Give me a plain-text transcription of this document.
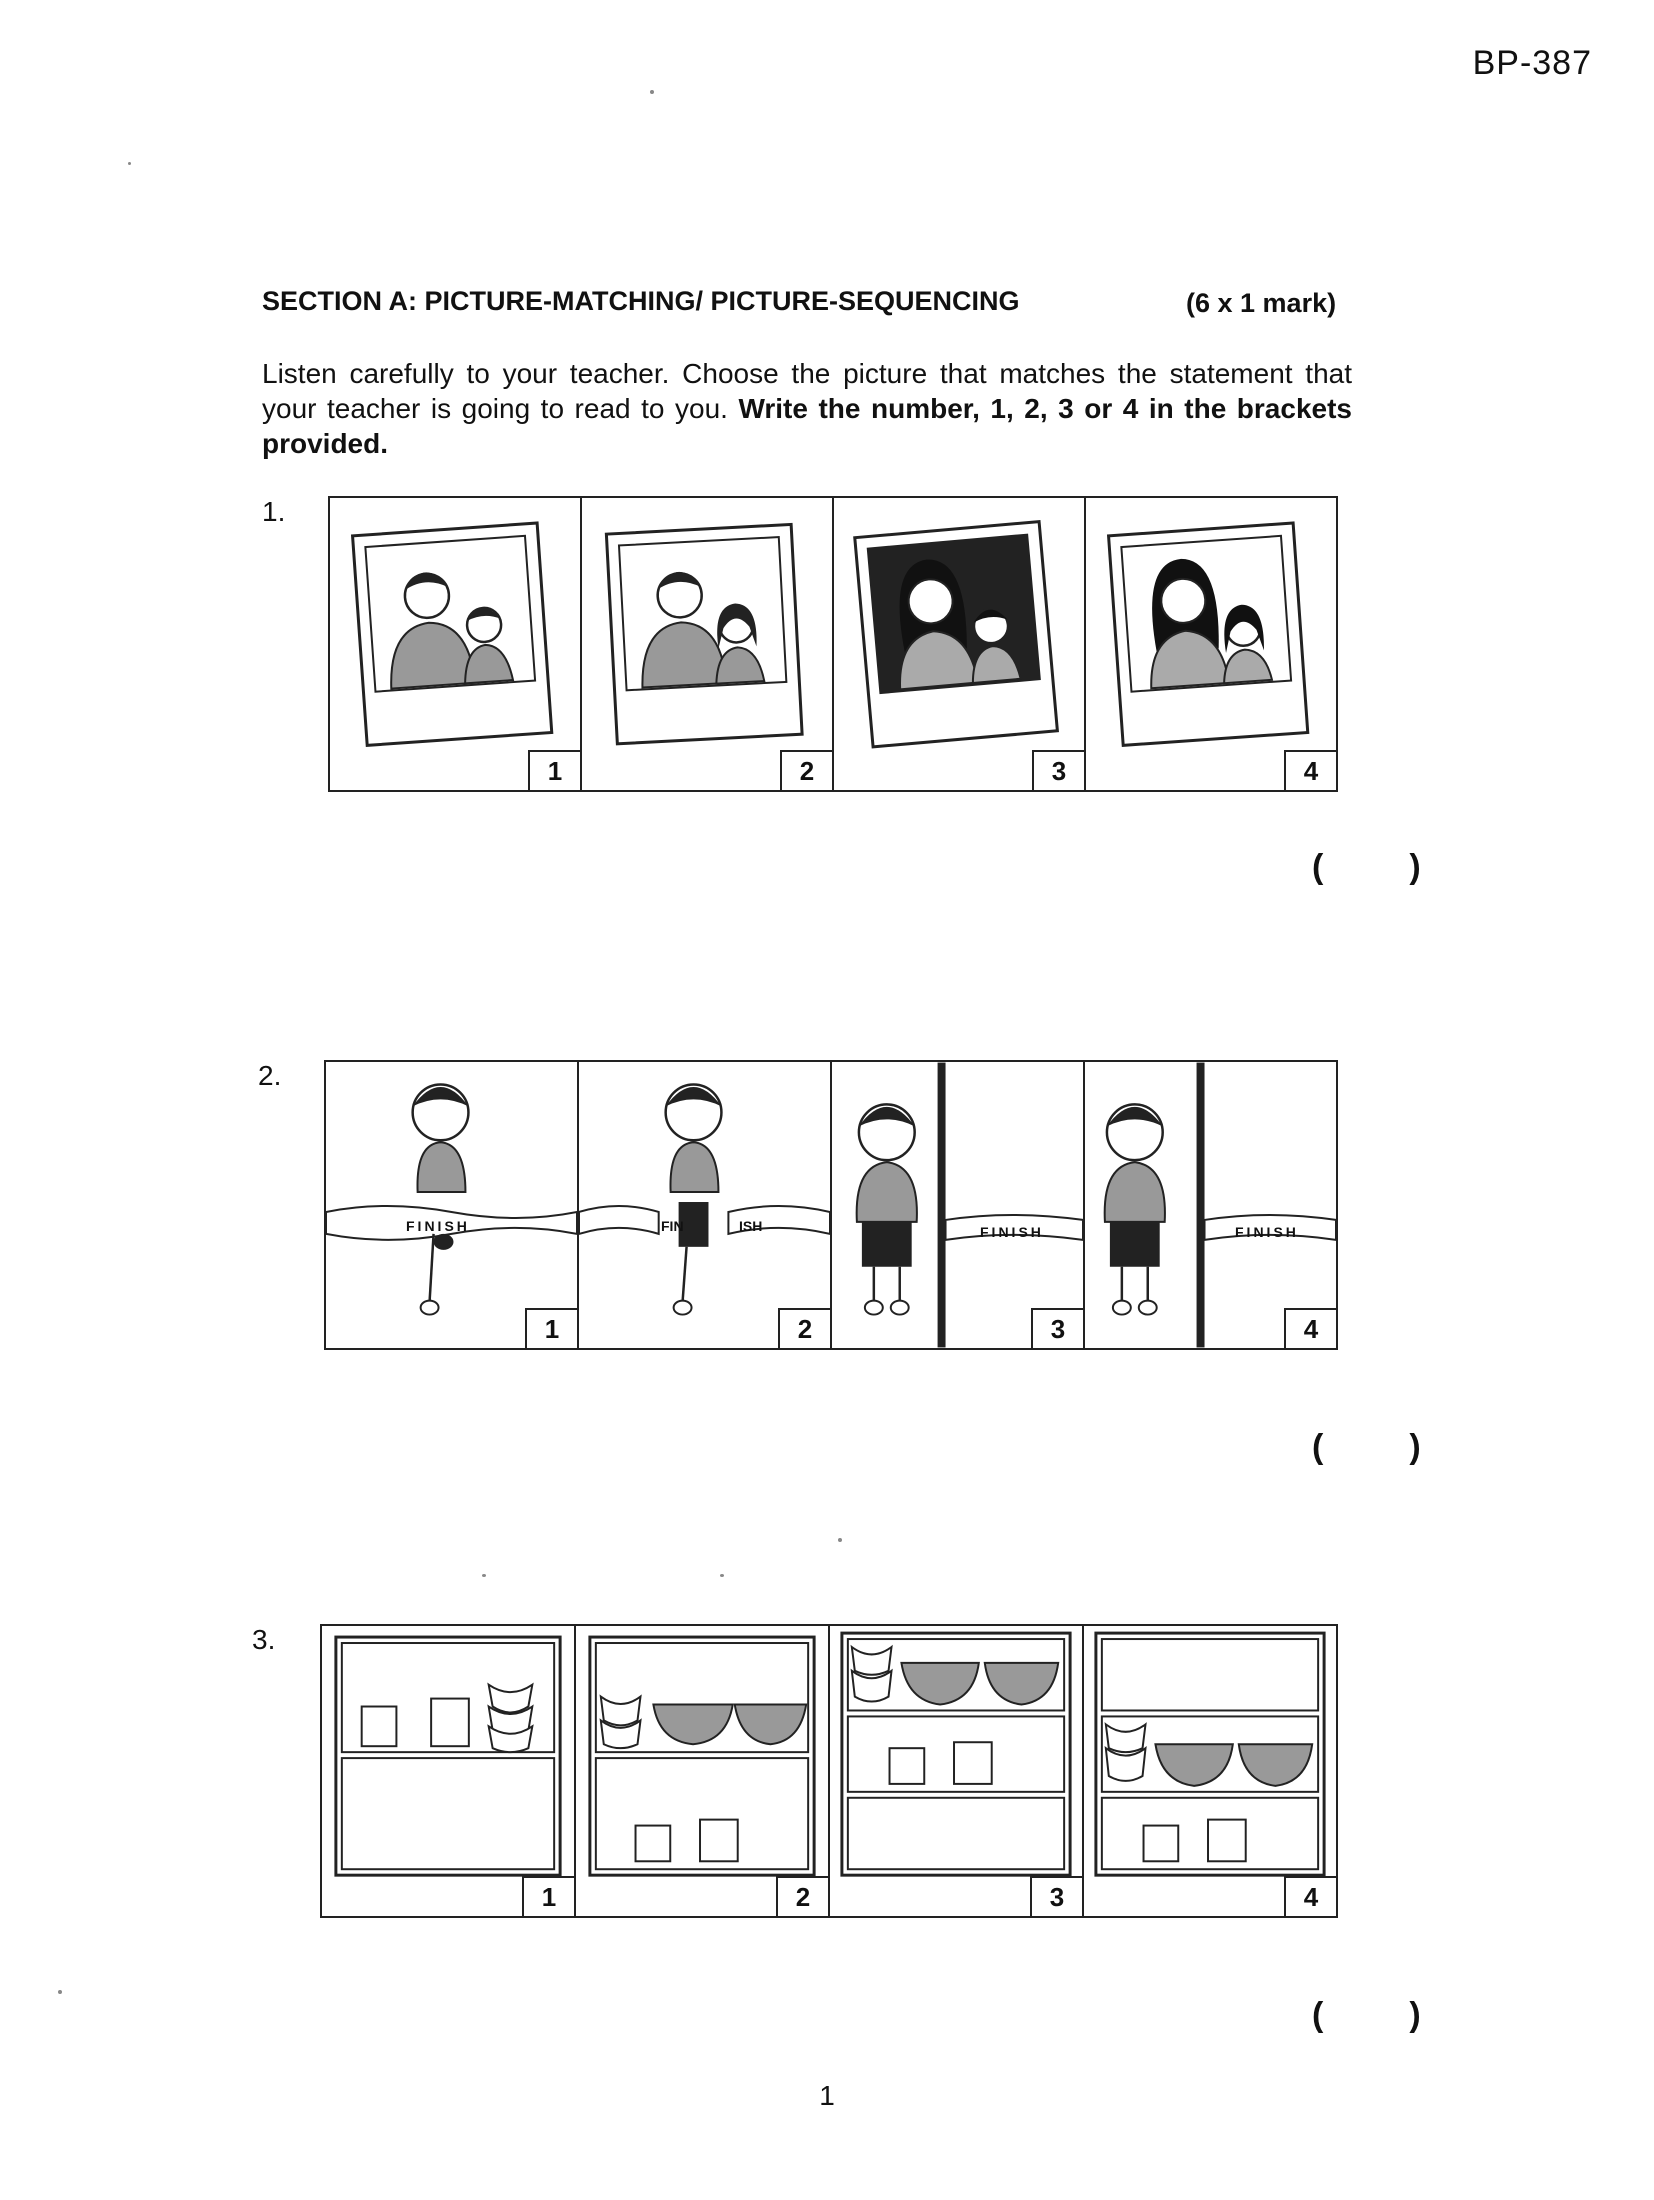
BP-387
SECTION A: PICTURE-MATCHING/ PICTURE-SEQUENCING	(6 x 1 mark)
Listen carefully to your teacher. Choose the picture that matches the statement that your teacher is going to read to you. Write the number, 1, 2, 3 or 4 in the brackets provided.
1.
1	2	3	4
(	)
2.
FINISH
1
FIN	ISH
2
FINISH
3
FINISH
4
(	)
3.
1	2	3	4
(	)
1
